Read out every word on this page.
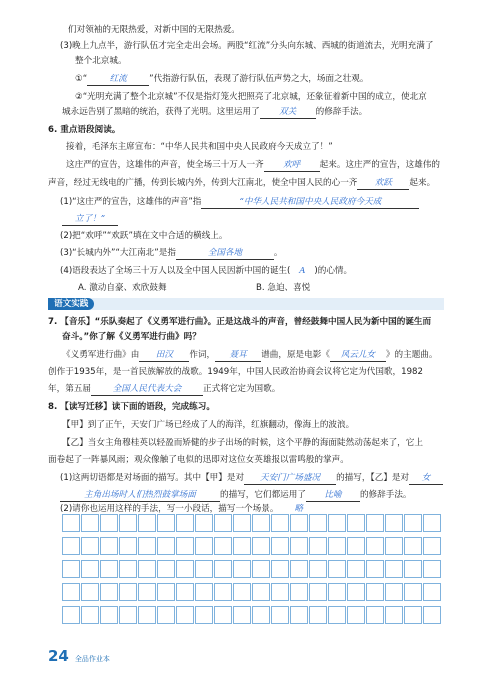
们对领袖的无限热爱，对新中国的无限热爱。
(3)晚上九点半，游行队伍才完全走出会场。两股“红流”分头向东城、西城的街道流去，光明充满了
整个北京城。
①“	红流	”代指游行队伍，表现了游行队伍声势之大，场面之壮观。
②“光明充满了整个北京城”不仅是指灯笼火把照亮了北京城，还象征着新中国的成立，使北京
城永远告别了黑暗的统治，获得了光明。这里运用了 双关 的修辞手法。
6. 重点语段阅读。
接着，毛泽东主席宣布：“中华人民共和国中央人民政府今天成立了！”
这庄严的宣告，这雄伟的声音，使全场三十万人一齐 欢呼 起来。这庄严的宣告，这雄伟的
声音，经过无线电的广播，传到长城内外，传到大江南北，使全中国人民的心一齐 欢跃 起来。
(1)“这庄严的宣告，这雄伟的声音”指	“中华人民共和国中央人民政府今天成
立了！”
(2)把“欢呼”“欢跃”填在文中合适的横线上。
(3)“长城内外”“大江南北”是指	全国各地	。
(4)语段表达了全场三十万人以及全中国人民因新中国的诞生( A )的心情。
A. 激动自豪、欢欣鼓舞	B. 急迫、喜悦
语文实践
7. 【音乐】“乐队奏起了《义勇军进行曲》。正是这战斗的声音，曾经鼓舞中国人民为新中国的诞生而
奋斗。”你了解《义勇军进行曲》吗？
《义勇军进行曲》由 田汉 作词， 聂耳 谱曲，原是电影《 风云儿女 》的主题曲。
创作于1935年，是一首民族解放的战歌。1949年，中国人民政治协商会议将它定为代国歌，1982
年，第五届	全国人民代表大会	正式将它定为国歌。
8. 【读写迁移】读下面的语段，完成练习。
【甲】到了正午，天安门广场已经成了人的海洋，红旗翻动，像海上的波浪。
【乙】当女主角穆桂英以轻盈而矫健的步子出场的时候，这个平静的海面陡然动荡起来了，它上
面卷起了一阵暴风雨；观众像触了电似的迅即对这位女英雄报以雷鸣般的掌声。
(1)这两切语都是对场面的描写。其中【甲】是对 天安门广场盛况 的描写，【乙】是对 女
主角出场时人们热烈鼓掌场面	的描写，它们都运用了 比喻 的修辞手法。
(2)请你也运用这样的手法，写一小段话，描写一个场景。 略
24 全品作业本
